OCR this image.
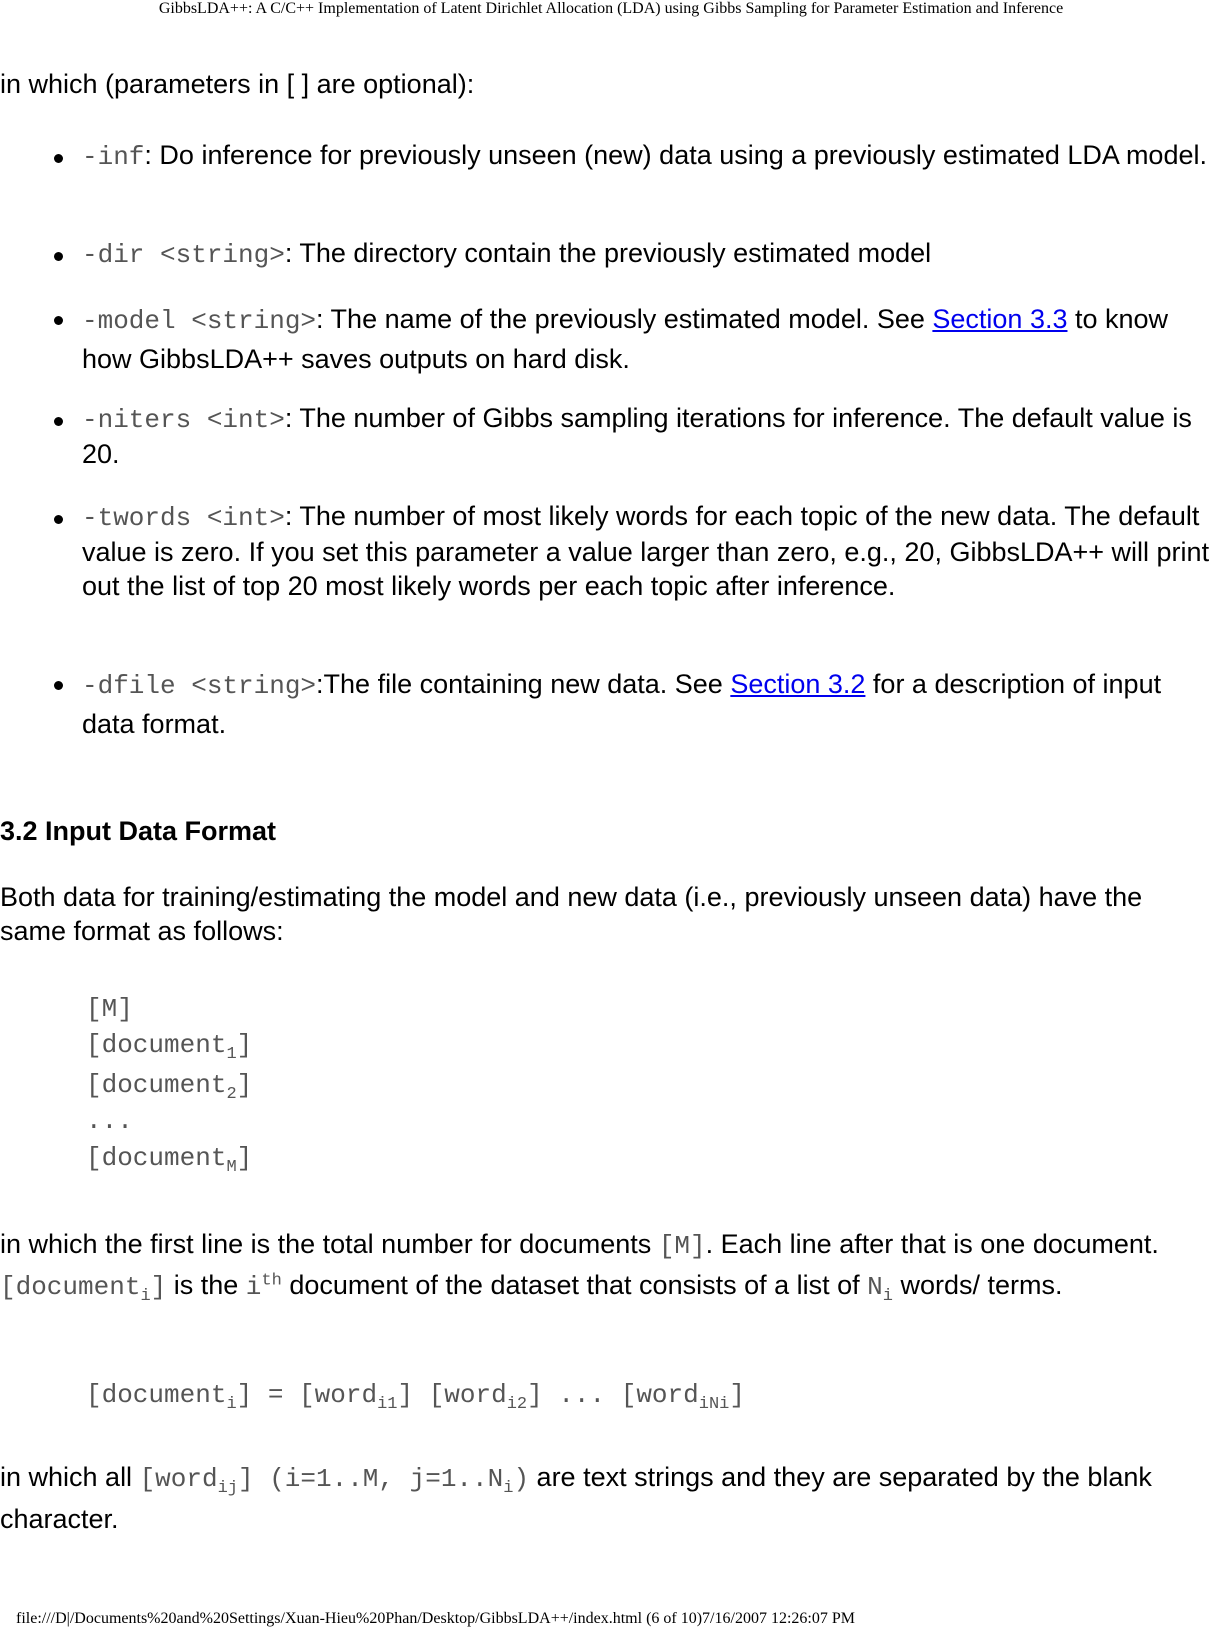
GibbsLDA++: A C/C++ Implementation of Latent Dirichlet Allocation (LDA) using Gibbs Sampling for Parameter Estimation and Inference
in which (parameters in [ ] are optional):
-inf: Do inference for previously unseen (new) data using a previously estimated LDA model.
-dir <string>: The directory contain the previously estimated model
-model <string>: The name of the previously estimated model. See Section 3.3 to know how GibbsLDA++ saves outputs on hard disk.
-niters <int>: The number of Gibbs sampling iterations for inference. The default value is 20.
-twords <int>: The number of most likely words for each topic of the new data. The default value is zero. If you set this parameter a value larger than zero, e.g., 20, GibbsLDA++ will print out the list of top 20 most likely words per each topic after inference.
-dfile <string>:The file containing new data. See Section 3.2 for a description of input data format.
3.2 Input Data Format
Both data for training/estimating the model and new data (i.e., previously unseen data) have the same format as follows:
[M]
[document$_1$]
[document$_2$]
...
[document$_M$]
in which the first line is the total number for documents [M]. Each line after that is one document. [document$_i$] is the $i^{th}$ document of the dataset that consists of a list of $N_i$ words/ terms.
[document$_i$] = [word$_{i1}$] [word$_{i2}$] ... [word$_{iNi}$]
in which all [word$_{ij}$] (i=1..M, $j=1..N_i$) are text strings and they are separated by the blank character.
file:///D|/Documents%20and%20Settings/Xuan-Hieu%20Phan/Desktop/GibbsLDA++/index.html (6 of 10)7/16/2007 12:26:07 PM
